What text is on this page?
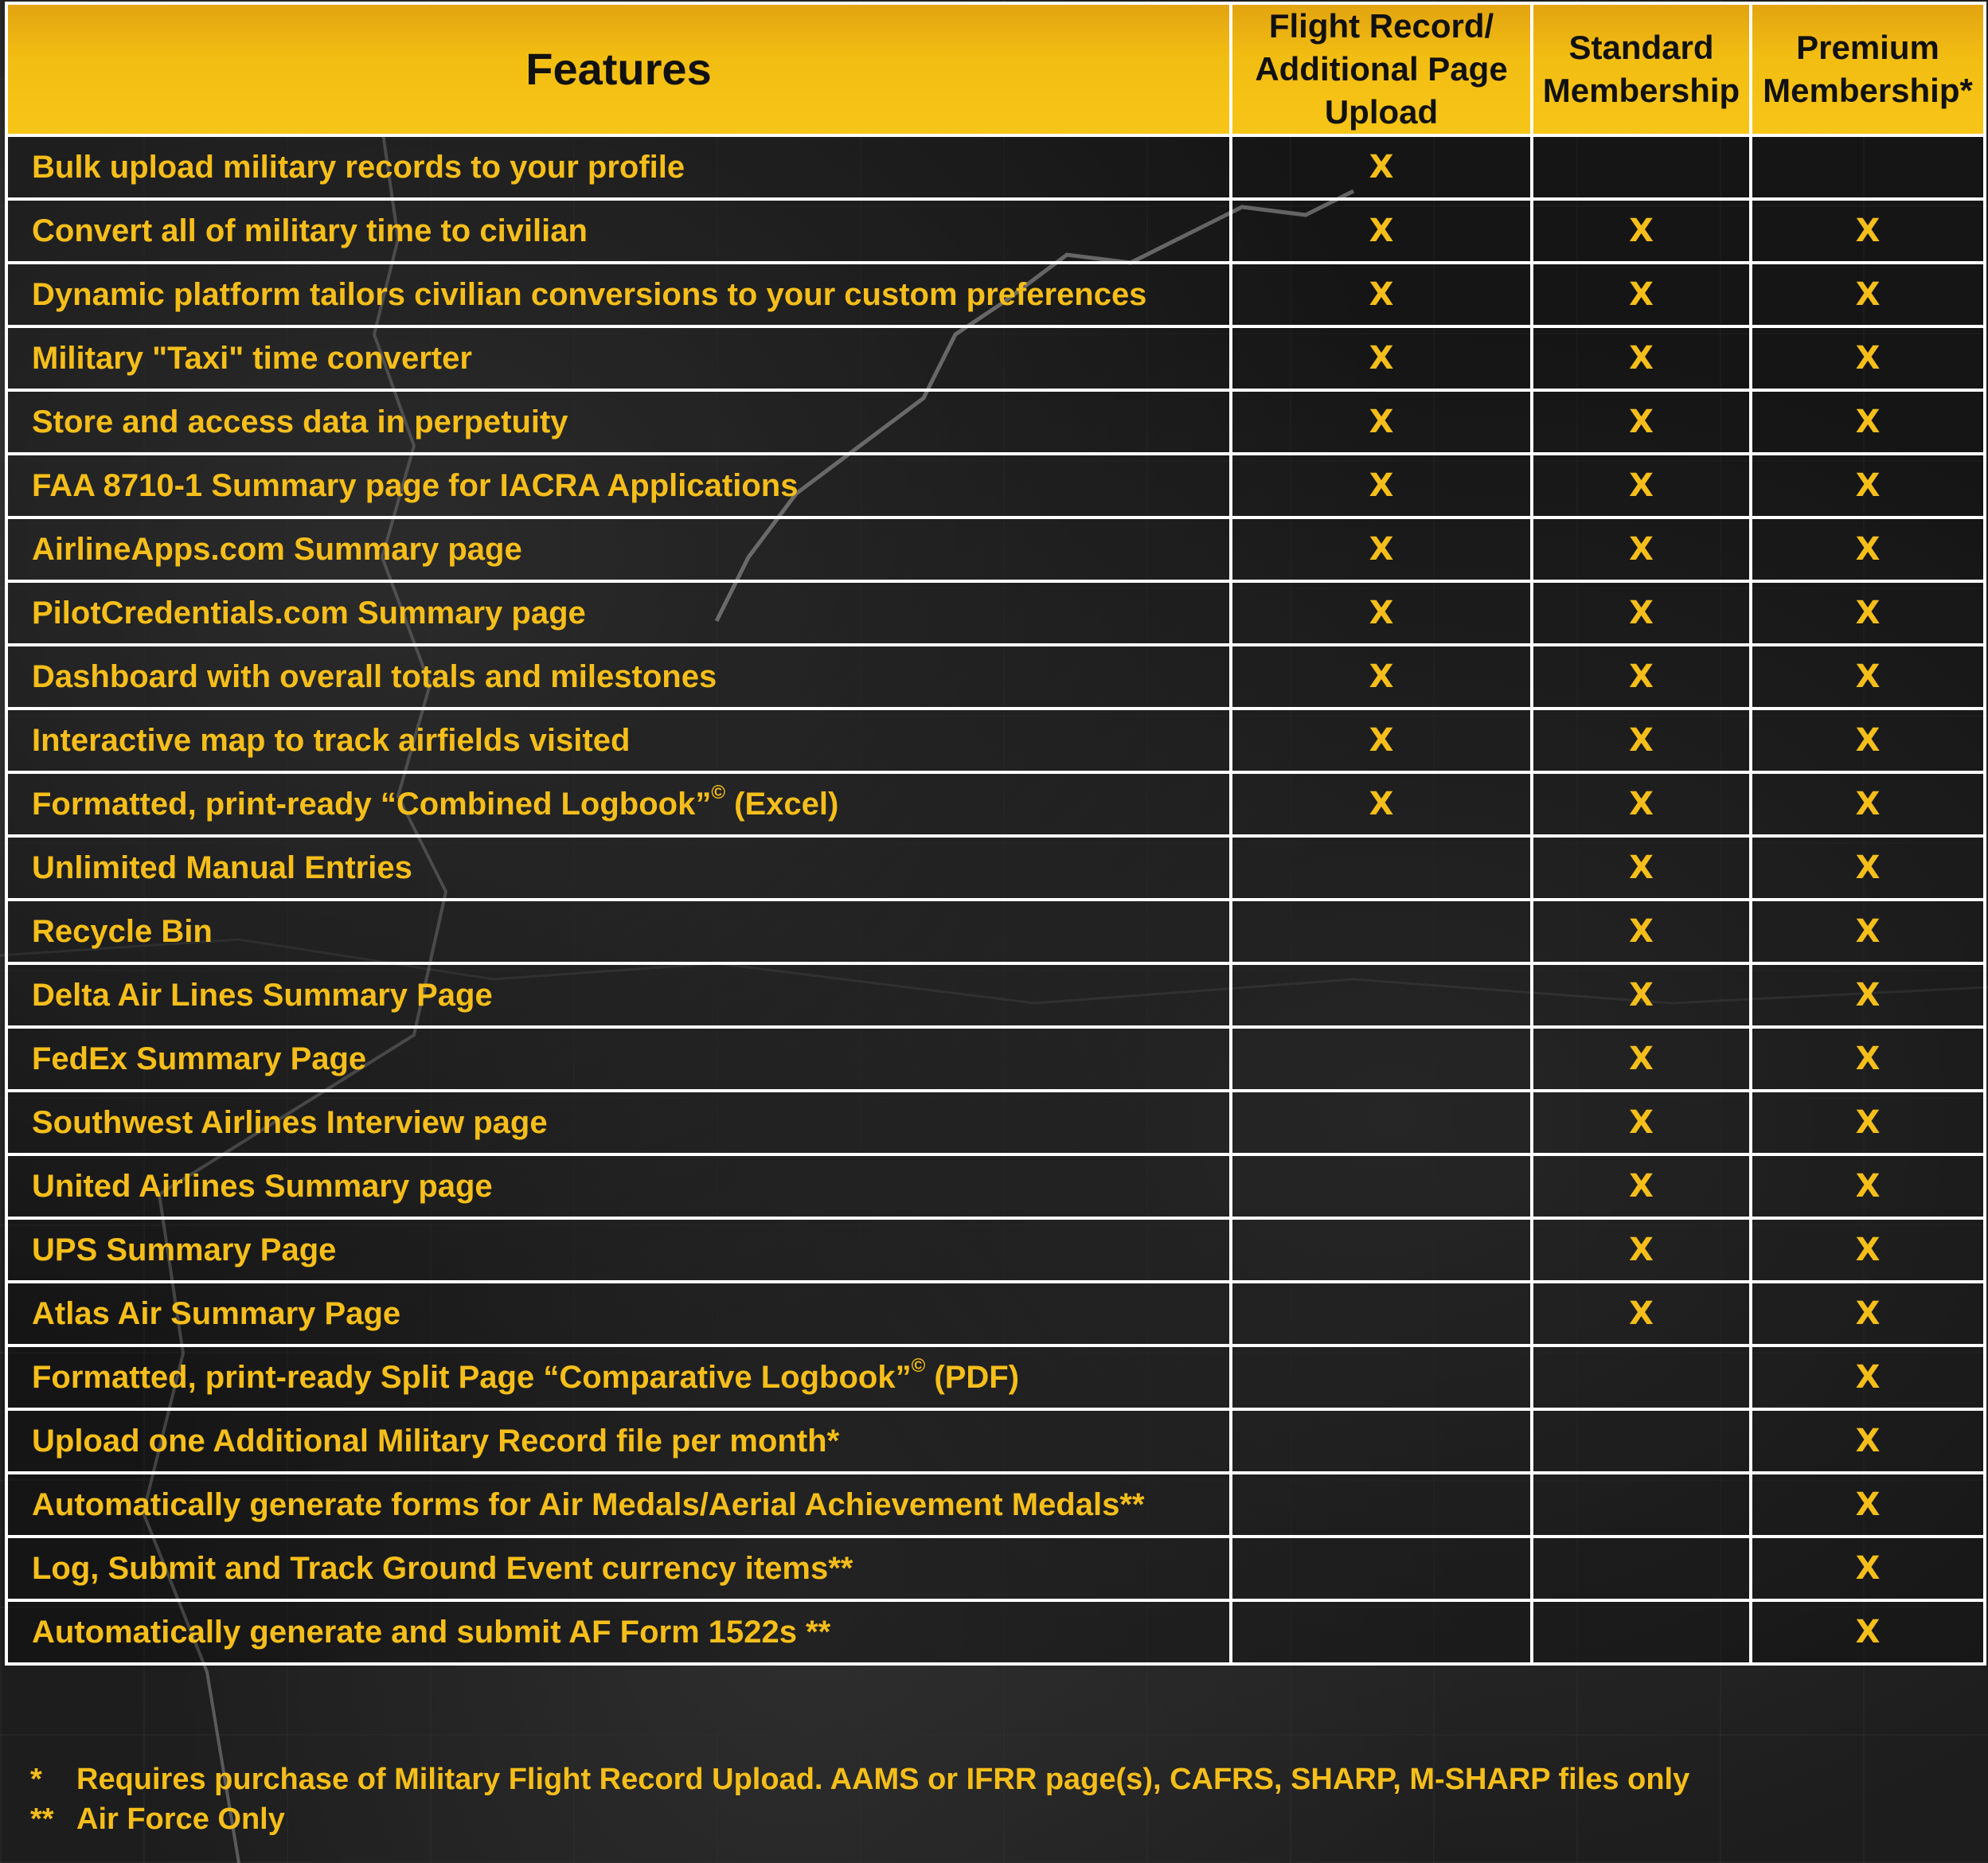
Features	Flight Record/ Additional Page Upload	Standard Membership	Premium Membership*
Bulk upload military records to your profile	X		
Convert all of military time to civilian	X	X	X
Dynamic platform tailors civilian conversions to your custom preferences	X	X	X
Military "Taxi" time converter	X	X	X
Store and access data in perpetuity	X	X	X
FAA 8710-1 Summary page for IACRA Applications	X	X	X
AirlineApps.com Summary page	X	X	X
PilotCredentials.com Summary page	X	X	X
Dashboard with overall totals and milestones	X	X	X
Interactive map to track airfields visited	X	X	X
Formatted, print-ready “Combined Logbook”© (Excel)	X	X	X
Unlimited Manual Entries		X	X
Recycle Bin		X	X
Delta Air Lines Summary Page		X	X
FedEx Summary Page		X	X
Southwest Airlines Interview page		X	X
United Airlines Summary page		X	X
UPS Summary Page		X	X
Atlas Air Summary Page		X	X
Formatted, print-ready Split Page “Comparative Logbook”© (PDF)			X
Upload one Additional Military Record file per month*			X
Automatically generate forms for Air Medals/Aerial Achievement Medals**			X
Log, Submit and Track Ground Event currency items**			X
Automatically generate and submit AF Form 1522s **			X
*	Requires purchase of Military Flight Record Upload. AAMS or IFRR page(s), CAFRS, SHARP, M-SHARP files only
** Air Force Only
